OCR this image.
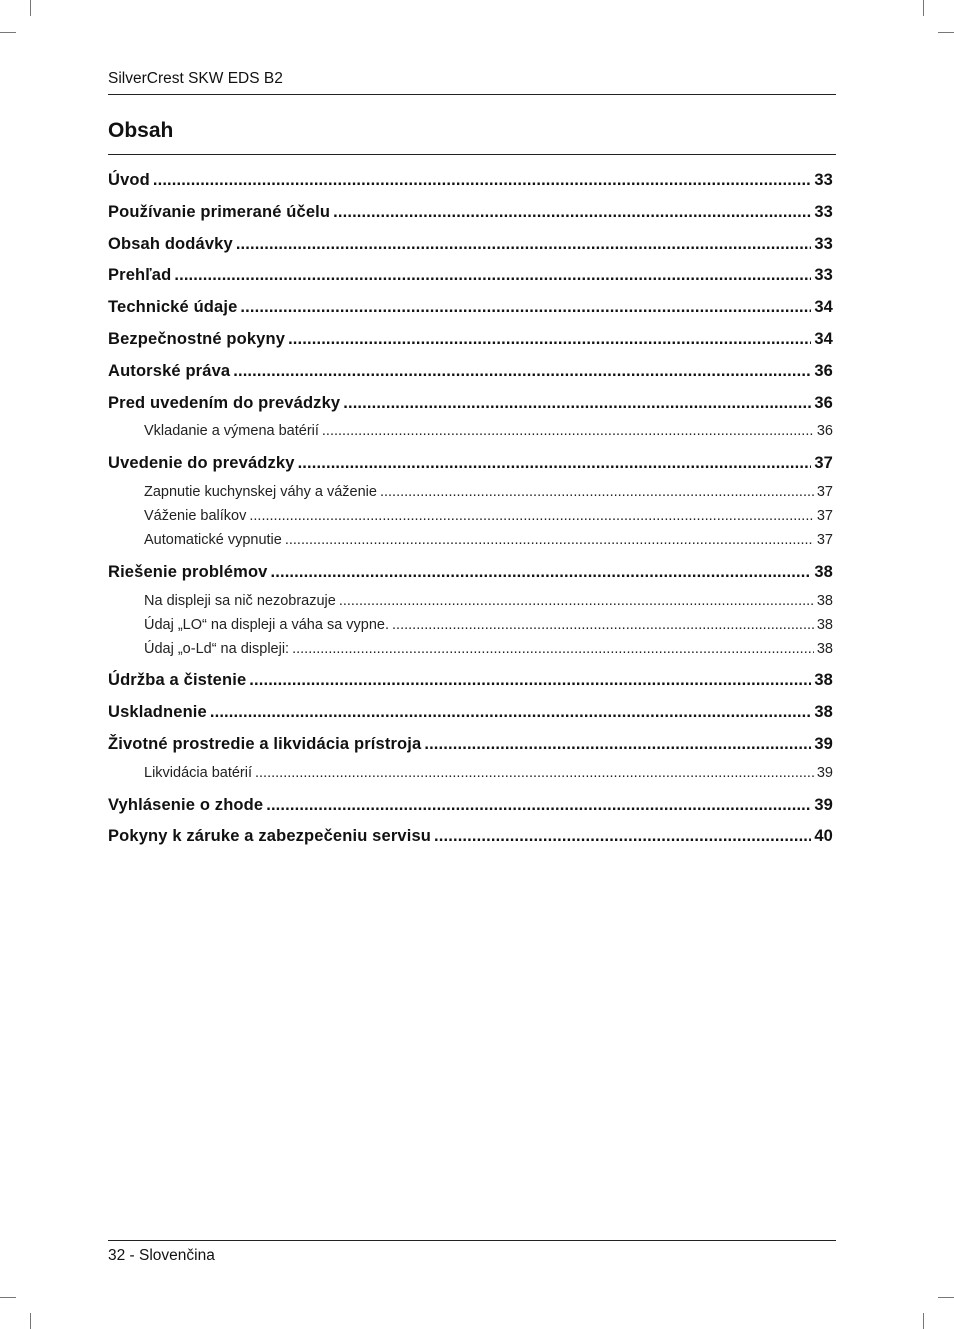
SilverCrest SKW EDS B2
Obsah
Úvod .....	33
Používanie primerané účelu .....	33
Obsah dodávky .....	33
Prehľad .....	33
Technické údaje .....	34
Bezpečnostné pokyny .....	34
Autorské práva .....	36
Pred uvedením do prevádzky .....	36
Vkladanie a výmena batérií .....	36
Uvedenie do prevádzky .....	37
Zapnutie kuchynskej váhy a váženie .....	37
Váženie balíkov .....	37
Automatické vypnutie .....	37
Riešenie problémov .....	38
Na displeji sa nič nezobrazuje .....	38
Údaj „LO“ na displeji a váha sa vypne. .....	38
Údaj „o-Ld“ na displeji: .....	38
Údržba a čistenie .....	38
Uskladnenie .....	38
Životné prostredie a likvidácia prístroja .....	39
Likvidácia batérií .....	39
Vyhlásenie o zhode .....	39
Pokyny k záruke a zabezpečeniu servisu .....	40
32 - Slovenčina
